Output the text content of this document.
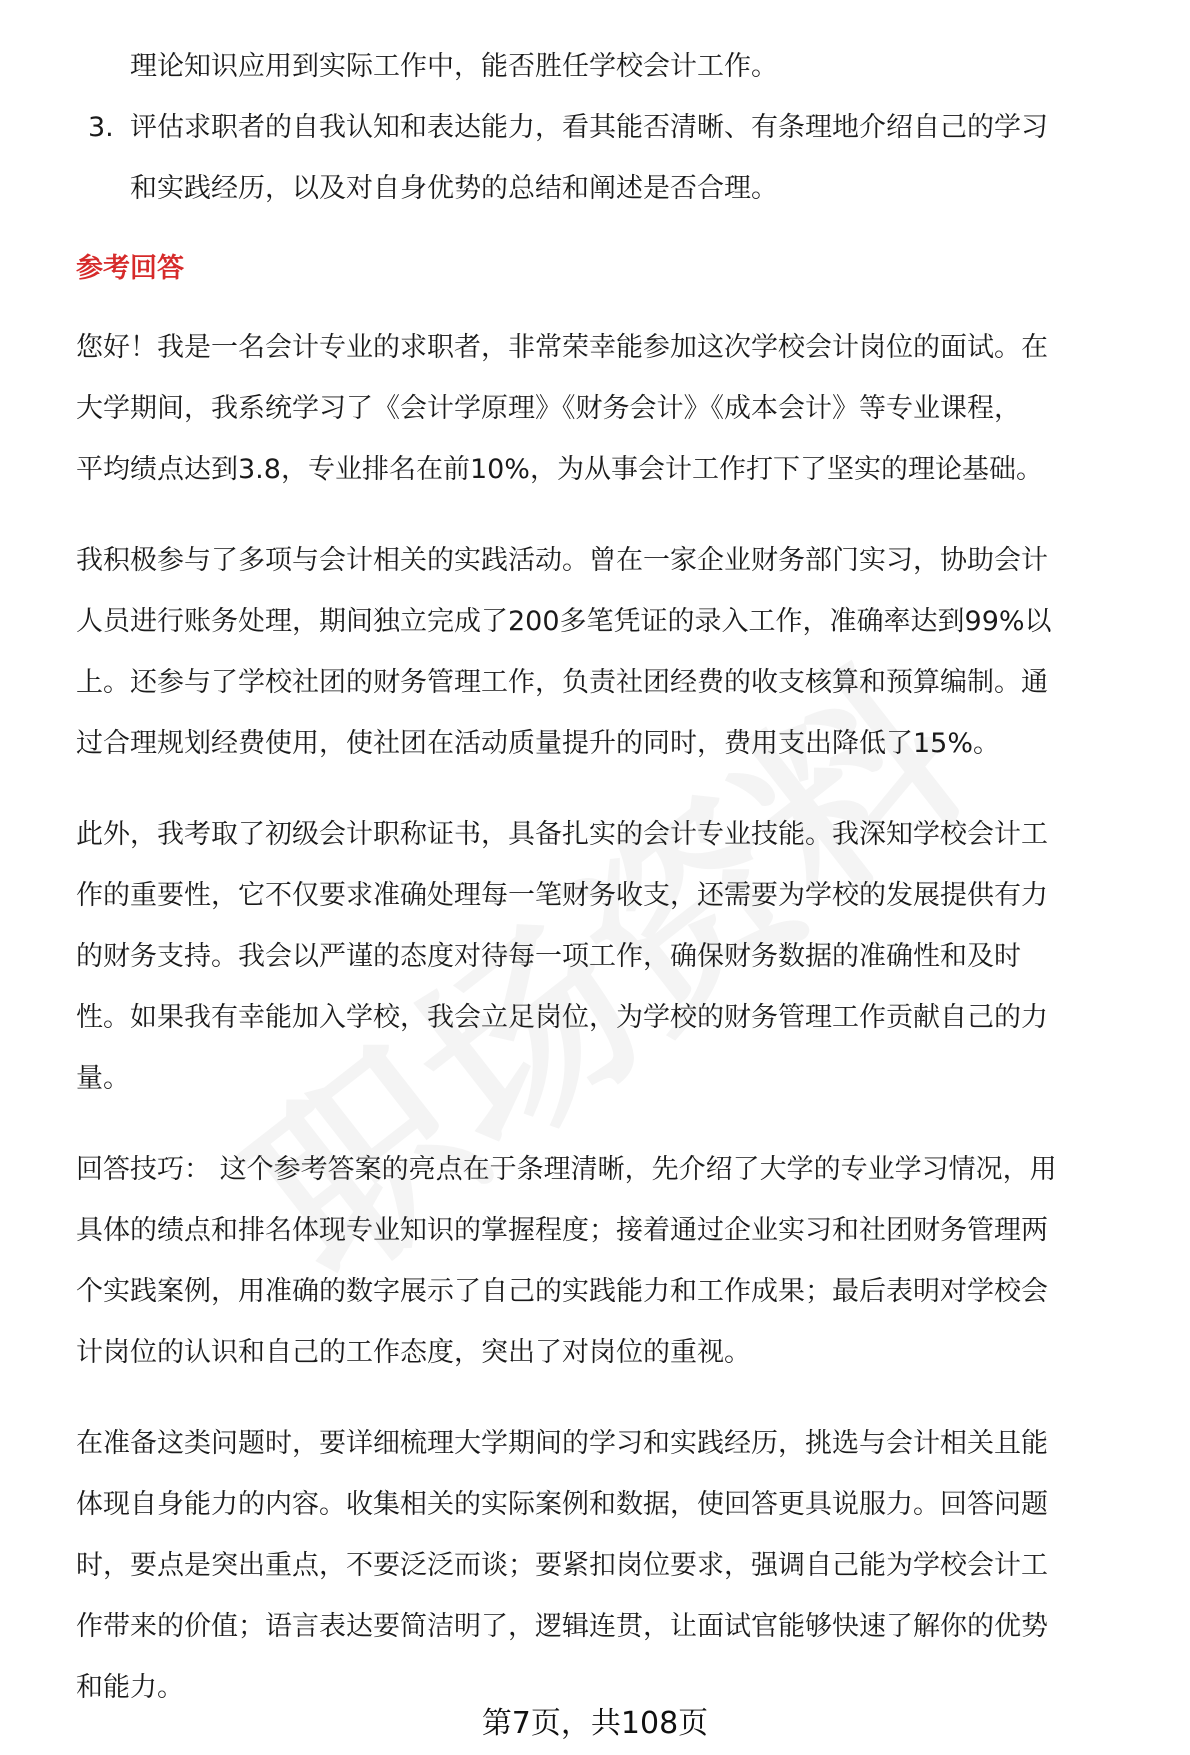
理论知识应用到实际工作中，能否胜任学校会计工作。
3. 评估求职者的自我认知和表达能力，看其能否清晰、有条理地介绍自己的学习
和实践经历，以及对自身优势的总结和阐述是否合理。
参考回答
您好！我是一名会计专业的求职者，非常荣幸能参加这次学校会计岗位的面试。在
大学期间，我系统学习了《会计学原理》《财务会计》《成本会计》等专业课程，
平均绩点达到3.8，专业排名在前10%，为从事会计工作打下了坚实的理论基础。
我积极参与了多项与会计相关的实践活动。曾在一家企业财务部门实习，协助会计
人员进行账务处理，期间独立完成了200多笔凭证的录入工作，准确率达到99%以
上。还参与了学校社团的财务管理工作，负责社团经费的收支核算和预算编制。通
过合理规划经费使用，使社团在活动质量提升的同时，费用支出降低了15%。
此外，我考取了初级会计职称证书，具备扎实的会计专业技能。我深知学校会计工
作的重要性，它不仅要求准确处理每一笔财务收支，还需要为学校的发展提供有力
的财务支持。我会以严谨的态度对待每一项工作，确保财务数据的准确性和及时
性。如果我有幸能加入学校，我会立足岗位，为学校的财务管理工作贡献自己的力
量。
回答技巧： 这个参考答案的亮点在于条理清晰，先介绍了大学的专业学习情况，用
具体的绩点和排名体现专业知识的掌握程度；接着通过企业实习和社团财务管理两
个实践案例，用准确的数字展示了自己的实践能力和工作成果；最后表明对学校会
计岗位的认识和自己的工作态度，突出了对岗位的重视。
在准备这类问题时，要详细梳理大学期间的学习和实践经历，挑选与会计相关且能
体现自身能力的内容。收集相关的实际案例和数据，使回答更具说服力。回答问题
时，要点是突出重点，不要泛泛而谈；要紧扣岗位要求，强调自己能为学校会计工
作带来的价值；语言表达要简洁明了，逻辑连贯，让面试官能够快速了解你的优势
和能力。
第7页，共108页
